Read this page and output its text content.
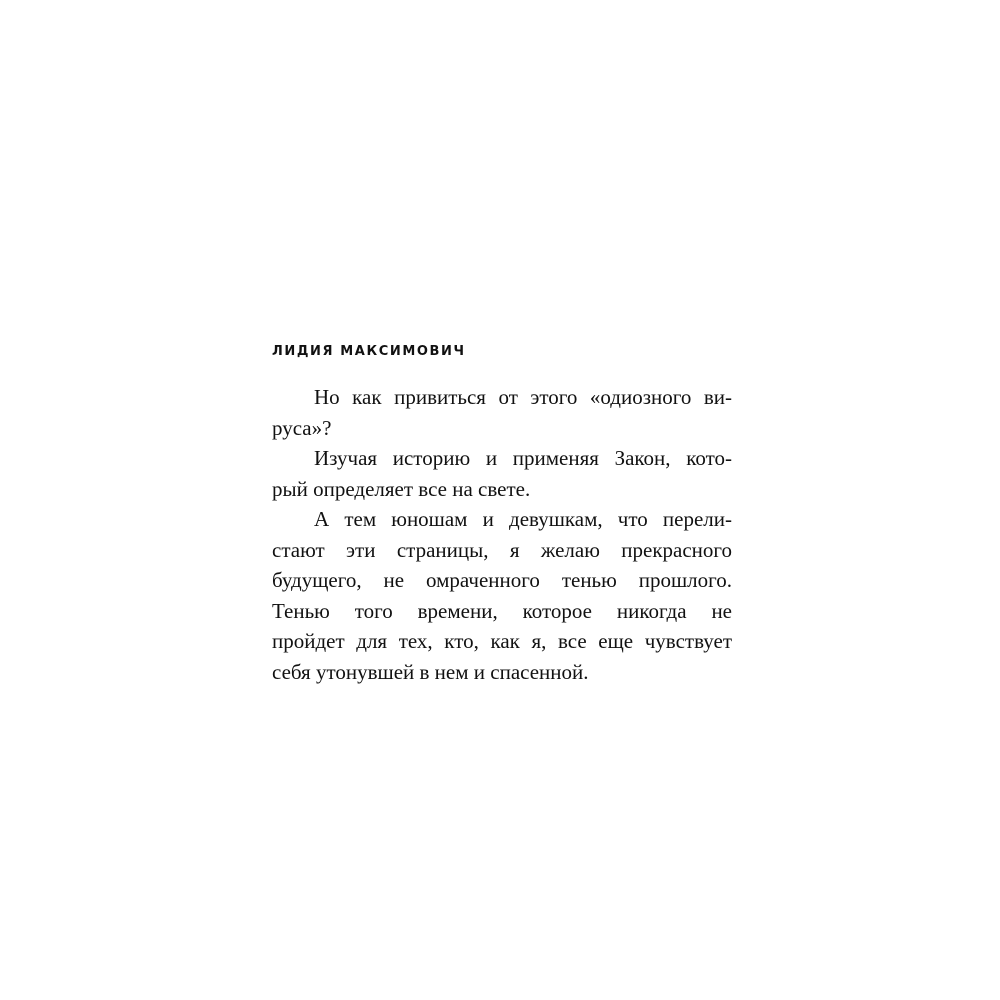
ЛИДИЯ МАКСИМОВИЧ
Но как привиться от этого «одиозного ви-
руса»?
Изучая историю и применяя Закон, кото-
рый определяет все на свете.
А тем юношам и девушкам, что перели-
стают эти страницы, я желаю прекрасного
будущего, не омраченного тенью прошлого.
Тенью того времени, которое никогда не
пройдет для тех, кто, как я, все еще чувствует
себя утонувшей в нем и спасенной.
